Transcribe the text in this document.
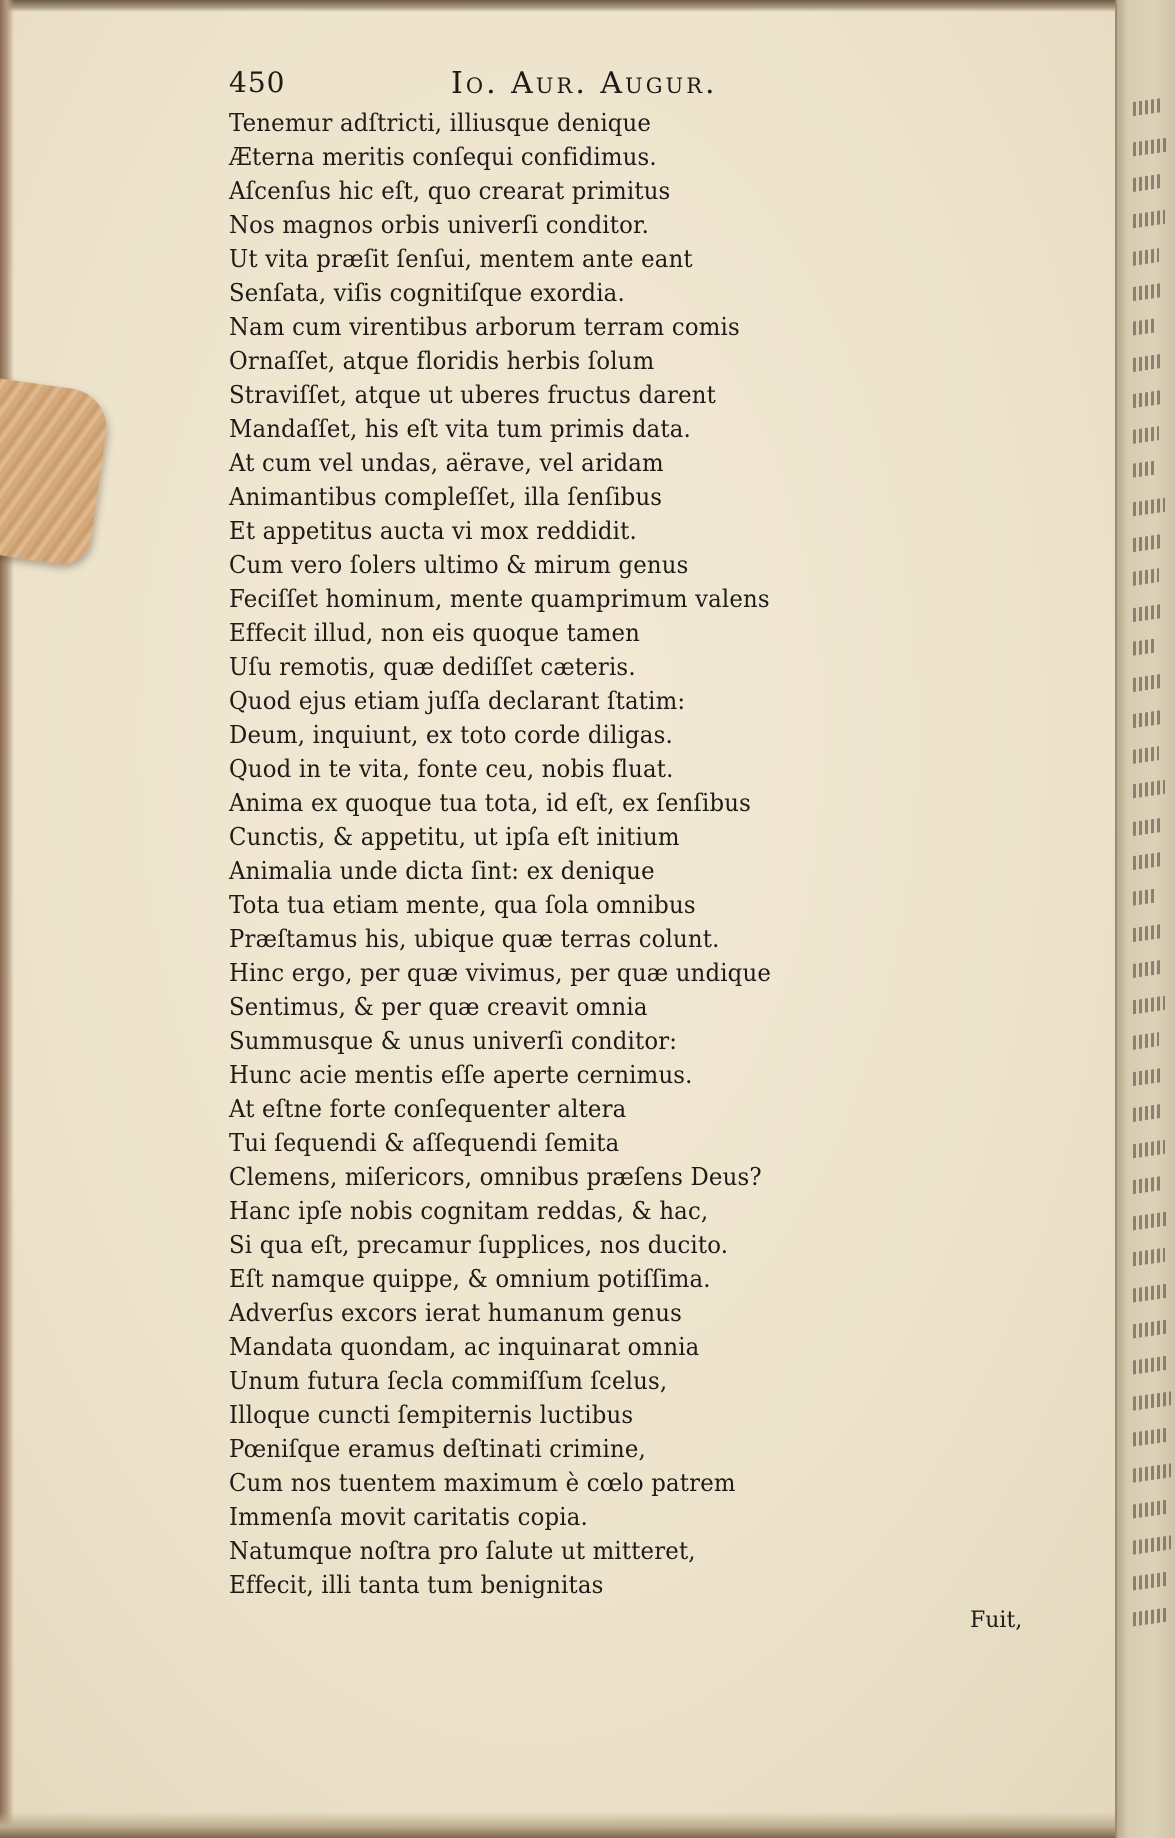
450	Io. Aur. Augur.
Tenemur adſtricti, illiusque denique
Æterna meritis conſequi confidimus.
Aſcenſus hic eſt, quo crearat primitus
Nos magnos orbis univerſi conditor.
Ut vita præſit ſenſui, mentem ante eant
Senſata, viſis cognitiſque exordia.
Nam cum virentibus arborum terram comis
Ornaſſet, atque floridis herbis ſolum
Straviſſet, atque ut uberes fructus darent
Mandaſſet, his eſt vita tum primis data.
At cum vel undas, aërave, vel aridam
Animantibus compleſſet, illa ſenſibus
Et appetitus aucta vi mox reddidit.
Cum vero ſolers ultimo & mirum genus
Feciſſet hominum, mente quamprimum valens
Effecit illud, non eis quoque tamen
Uſu remotis, quæ dediſſet cæteris.
Quod ejus etiam juſſa declarant ſtatim:
Deum, inquiunt, ex toto corde diligas.
Quod in te vita, fonte ceu, nobis fluat.
Anima ex quoque tua tota, id eſt, ex ſenſibus
Cunctis, & appetitu, ut ipſa eſt initium
Animalia unde dicta ſint: ex denique
Tota tua etiam mente, qua ſola omnibus
Præſtamus his, ubique quæ terras colunt.
Hinc ergo, per quæ vivimus, per quæ undique
Sentimus, & per quæ creavit omnia
Summusque & unus univerſi conditor:
Hunc acie mentis eſſe aperte cernimus.
At eſtne forte conſequenter altera
Tui ſequendi & aſſequendi ſemita
Clemens, miſericors, omnibus præſens Deus?
Hanc ipſe nobis cognitam reddas, & hac,
Si qua eſt, precamur ſupplices, nos ducito.
Eſt namque quippe, & omnium potiſſima.
Adverſus excors ierat humanum genus
Mandata quondam, ac inquinarat omnia
Unum futura ſecla commiſſum ſcelus,
Illoque cuncti ſempiternis luctibus
Pœniſque eramus deſtinati crimine,
Cum nos tuentem maximum è cœlo patrem
Immenſa movit caritatis copia.
Natumque noſtra pro ſalute ut mitteret,
Effecit, illi tanta tum benignitas
Fuit,
